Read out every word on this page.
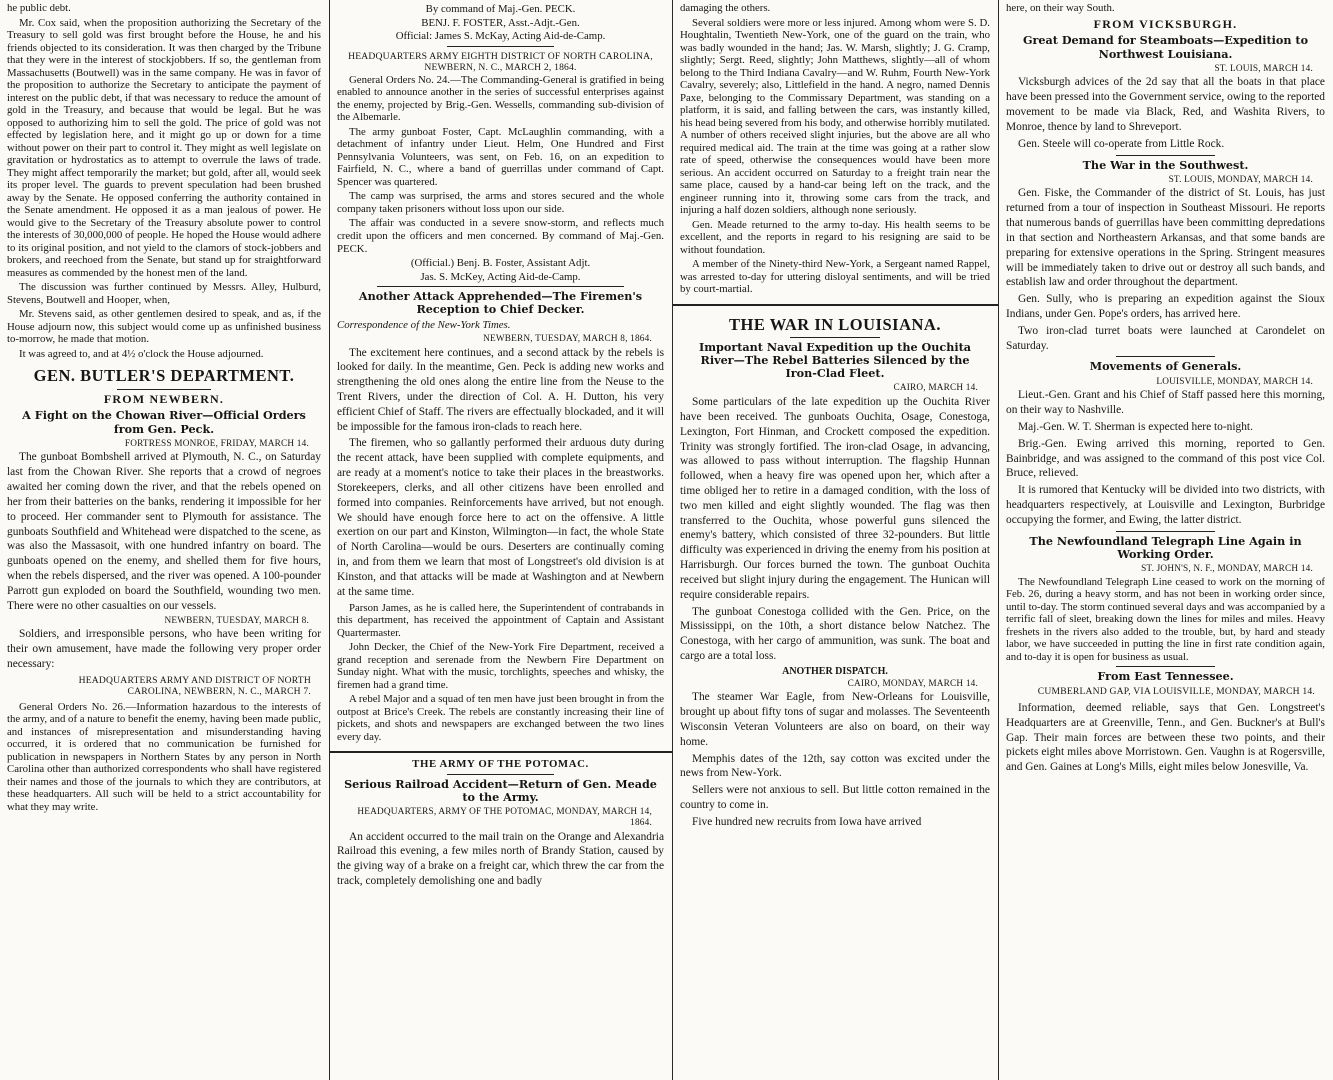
he public debt.

Mr. Cox said, when the proposition authorizing the Secretary of the Treasury to sell gold was first brought before the House, he and his friends objected to its consideration. It was then charged by the Tribune that they were in the interest of stockjobbers. If so, the gentleman from Massachusetts (Boutwell) was in the same company. He was in favor of the proposition to authorize the Secretary to anticipate the payment of interest on the public debt, if that was necessary to reduce the amount of gold in the Treasury, and because that would be legal. But he was opposed to authorizing him to sell the gold. The price of gold was not effected by legislation here, and it might go up or down for a time without power on their part to control it. They might as well legislate on gravitation or hydrostatics as to attempt to overrule the laws of trade. They might affect temporarily the market; but gold, after all, would seek its proper level. The guards to prevent speculation had been brushed away by the Senate. He opposed conferring the authority contained in the Senate amendment. He opposed it as a man jealous of power. He would give to the Secretary of the Treasury absolute power to control the interests of 30,000,000 of people. He hoped the House would adhere to its original position, and not yield to the clamors of stock-jobbers and brokers, and reechoed from the Senate, but stand up for straightforward measures as commended by the honest men of the land.

The discussion was further continued by Messrs. Alley, Hulburd, Stevens, Boutwell and Hooper, when,

Mr. Stevens said, as other gentlemen desired to speak, and as, if the House adjourn now, this subject would come up as unfinished business to-morrow, he made that motion.

It was agreed to, and at 4½ o'clock the House adjourned.

GEN. BUTLER'S DEPARTMENT.
FROM NEWBERN.
A Fight on the Chowan River—Official Orders from Gen. Peck.

FORTRESS MONROE, FRIDAY, MARCH 14.

The gunboat Bombshell arrived at Plymouth, N. C., on Saturday last from the Chowan River. She reports that a crowd of negroes awaited her coming down the river, and that the rebels opened on her from their batteries on the banks, rendering it impossible for her to proceed. Her commander sent to Plymouth for assistance. The gunboats Southfield and Whitehead were dispatched to the scene, as was also the Massasoit, with one hundred infantry on board. The gunboats opened on the enemy, and shelled them for five hours, when the rebels dispersed, and the river was opened. A 100-pounder Parrott gun exploded on board the Southfield, wounding two men. There were no other casualties on our vessels.

NEWBERN, TUESDAY, MARCH 8.

Soldiers, and irresponsible persons, who have been writing for their own amusement, have made the following very proper order necessary:

HEADQUARTERS ARMY AND DISTRICT OF NORTH CAROLINA, NEWBERN, N. C., MARCH 7.

General Orders No. 26.—Information hazardous to the interests of the army, and of a nature to benefit the enemy, having been made public, and instances of misrepresentation and misunderstanding having occurred, it is ordered that no communication be furnished for publication in newspapers in Northern States by any person in North Carolina other than authorized correspondents who shall have registered their names and those of the journals to which they are contributors, at these headquarters. All such will be held to a strict accountability for what they may write.

By command of Maj.-Gen. PECK.

BENJ. F. FOSTER, Asst.-Adjt.-Gen.

Official: James S. McKay, Acting Aid-de-Camp.

HEADQUARTERS ARMY EIGHTH DISTRICT OF NORTH CAROLINA, NEWBERN, N. C., MARCH 2, 1864.

General Orders No. 24.—The Commanding-General is gratified in being enabled to announce another in the series of successful enterprises against the enemy, projected by Brig.-Gen. Wessells, commanding sub-division of the Albemarle.

The army gunboat Foster, Capt. McLaughlin commanding, with a detachment of infantry under Lieut. Helm, One Hundred and First Pennsylvania Volunteers, was sent, on Feb. 16, on an expedition to Fairfield, N. C., where a band of guerrillas under command of Capt. Spencer was quartered.

The camp was surprised, the arms and stores secured and the whole company taken prisoners without loss upon our side.

The affair was conducted in a severe snow-storm, and reflects much credit upon the officers and men concerned. By command of Maj.-Gen. PECK.

(Official.) Benj. B. Foster, Assistant Adjt.

Jas. S. McKey, Acting Aid-de-Camp.

Another Attack Apprehended—The Firemen's Reception to Chief Decker.

Correspondence of the New-York Times.

NEWBERN, TUESDAY, MARCH 8, 1864.

The excitement here continues, and a second attack by the rebels is looked for daily. In the meantime, Gen. Peck is adding new works and strengthening the old ones along the entire line from the Neuse to the Trent Rivers, under the direction of Col. A. H. Dutton, his very efficient Chief of Staff. The rivers are effectually blockaded, and it will be impossible for the famous iron-clads to reach here.

The firemen, who so gallantly performed their arduous duty during the recent attack, have been supplied with complete equipments, and are ready at a moment's notice to take their places in the breastworks. Storekeepers, clerks, and all other citizens have been enrolled and formed into companies. Reinforcements have arrived, but not enough. We should have enough force here to act on the offensive. A little exertion on our part and Kinston, Wilmington—in fact, the whole State of North Carolina—would be ours. Deserters are continually coming in, and from them we learn that most of Longstreet's old division is at Kinston, and that attacks will be made at Washington and at Newbern at the same time.

Parson James, as he is called here, the Superintendent of contrabands in this department, has received the appointment of Captain and Assistant Quartermaster.

John Decker, the Chief of the New-York Fire Department, received a grand reception and serenade from the Newbern Fire Department on Sunday night. What with the music, torchlights, speeches and whisky, the firemen had a grand time.

A rebel Major and a squad of ten men have just been brought in from the outpost at Brice's Creek. The rebels are constantly increasing their line of pickets, and shots and newspapers are exchanged between the two lines every day.

THE ARMY OF THE POTOMAC.
Serious Railroad Accident—Return of Gen. Meade to the Army.

HEADQUARTERS, ARMY OF THE POTOMAC, MONDAY, MARCH 14, 1864.

An accident occurred to the mail train on the Orange and Alexandria Railroad this evening, a few miles north of Brandy Station, caused by the giving way of a brake on a freight car, which threw the car from the track, completely demolishing one and badly

damaging the others.

Several soldiers were more or less injured. Among whom were S. D. Houghtalin, Twentieth New-York, one of the guard on the train, who was badly wounded in the hand; Jas. W. Marsh, slightly; J. G. Cramp, slightly; Sergt. Reed, slightly; John Matthews, slightly—all of whom belong to the Third Indiana Cavalry—and W. Ruhm, Fourth New-York Cavalry, severely; also, Littlefield in the hand. A negro, named Dennis Paxe, belonging to the Commissary Department, was standing on a platform, it is said, and falling between the cars, was instantly killed, his head being severed from his body, and otherwise horribly mutilated. A number of others received slight injuries, but the above are all who required medical aid. The train at the time was going at a rather slow rate of speed, otherwise the consequences would have been more serious. An accident occurred on Saturday to a freight train near the same place, caused by a hand-car being left on the track, and the engineer running into it, throwing some cars from the track, and injuring a half dozen soldiers, although none seriously.

Gen. Meade returned to the army to-day. His health seems to be excellent, and the reports in regard to his resigning are said to be without foundation.

A member of the Ninety-third New-York, a Sergeant named Rappel, was arrested to-day for uttering disloyal sentiments, and will be tried by court-martial.

THE WAR IN LOUISIANA.
Important Naval Expedition up the Ouchita River—The Rebel Batteries Silenced by the Iron-Clad Fleet.

CAIRO, MARCH 14.

Some particulars of the late expedition up the Ouchita River have been received. The gunboats Ouchita, Osage, Conestoga, Lexington, Fort Hinman, and Crockett composed the expedition. Trinity was strongly fortified. The iron-clad Osage, in advancing, was allowed to pass without interruption. The flagship Hunnan followed, when a heavy fire was opened upon her, which after a time obliged her to retire in a damaged condition, with the loss of two men killed and eight slightly wounded. The flag was then transferred to the Ouchita, whose powerful guns silenced the enemy's battery, which consisted of three 32-pounders. But little difficulty was experienced in driving the enemy from his position at Harrisburgh. Our forces burned the town. The gunboat Ouchita received but slight injury during the engagement. The Hunican will require considerable repairs.

The gunboat Conestoga collided with the Gen. Price, on the Mississippi, on the 10th, a short distance below Natchez. The Conestoga, with her cargo of ammunition, was sunk. The boat and cargo are a total loss.

ANOTHER DISPATCH.

CAIRO, MONDAY, MARCH 14.

The steamer War Eagle, from New-Orleans for Louisville, brought up about fifty tons of sugar and molasses. The Seventeenth Wisconsin Veteran Volunteers are also on board, on their way home.

Memphis dates of the 12th, say cotton was excited under the news from New-York.

Sellers were not anxious to sell. But little cotton remained in the country to come in.

Five hundred new recruits from Iowa have arrived

here, on their way South.

FROM VICKSBURGH.
Great Demand for Steamboats—Expedition to Northwest Louisiana.

ST. LOUIS, MARCH 14.

Vicksburgh advices of the 2d say that all the boats in that place have been pressed into the Government service, owing to the reported movement to be made via Black, Red, and Washita Rivers, to Monroe, thence by land to Shreveport.

Gen. Steele will co-operate from Little Rock.

The War in the Southwest.

ST. LOUIS, MONDAY, MARCH 14.

Gen. Fiske, the Commander of the district of St. Louis, has just returned from a tour of inspection in Southeast Missouri. He reports that numerous bands of guerrillas have been committing depredations in that section and Northeastern Arkansas, and that some bands are preparing for extensive operations in the Spring. Stringent measures will be immediately taken to drive out or destroy all such bands, and establish law and order throughout the department.

Gen. Sully, who is preparing an expedition against the Sioux Indians, under Gen. Pope's orders, has arrived here.

Two iron-clad turret boats were launched at Carondelet on Saturday.

Movements of Generals.

LOUISVILLE, MONDAY, MARCH 14.

Lieut.-Gen. Grant and his Chief of Staff passed here this morning, on their way to Nashville.

Maj.-Gen. W. T. Sherman is expected here to-night.

Brig.-Gen. Ewing arrived this morning, reported to Gen. Bainbridge, and was assigned to the command of this post vice Col. Bruce, relieved.

It is rumored that Kentucky will be divided into two districts, with headquarters respectively, at Louisville and Lexington, Burbridge occupying the former, and Ewing, the latter district.

The Newfoundland Telegraph Line Again in Working Order.

ST. JOHN'S, N. F., MONDAY, MARCH 14.

The Newfoundland Telegraph Line ceased to work on the morning of Feb. 26, during a heavy storm, and has not been in working order since, until to-day. The storm continued several days and was accompanied by a terrific fall of sleet, breaking down the lines for miles and miles. Heavy freshets in the rivers also added to the trouble, but, by hard and steady labor, we have succeeded in putting the line in first rate condition again, and to-day it is open for business as usual.

From East Tennessee.

CUMBERLAND GAP, VIA LOUISVILLE, MONDAY, MARCH 14.

Information, deemed reliable, says that Gen. Longstreet's Headquarters are at Greenville, Tenn., and Gen. Buckner's at Bull's Gap. Their main forces are between these two points, and their pickets eight miles above Morristown. Gen. Vaughn is at Rogersville, and Gen. Gaines at Long's Mills, eight miles below Jonesville, Va.
